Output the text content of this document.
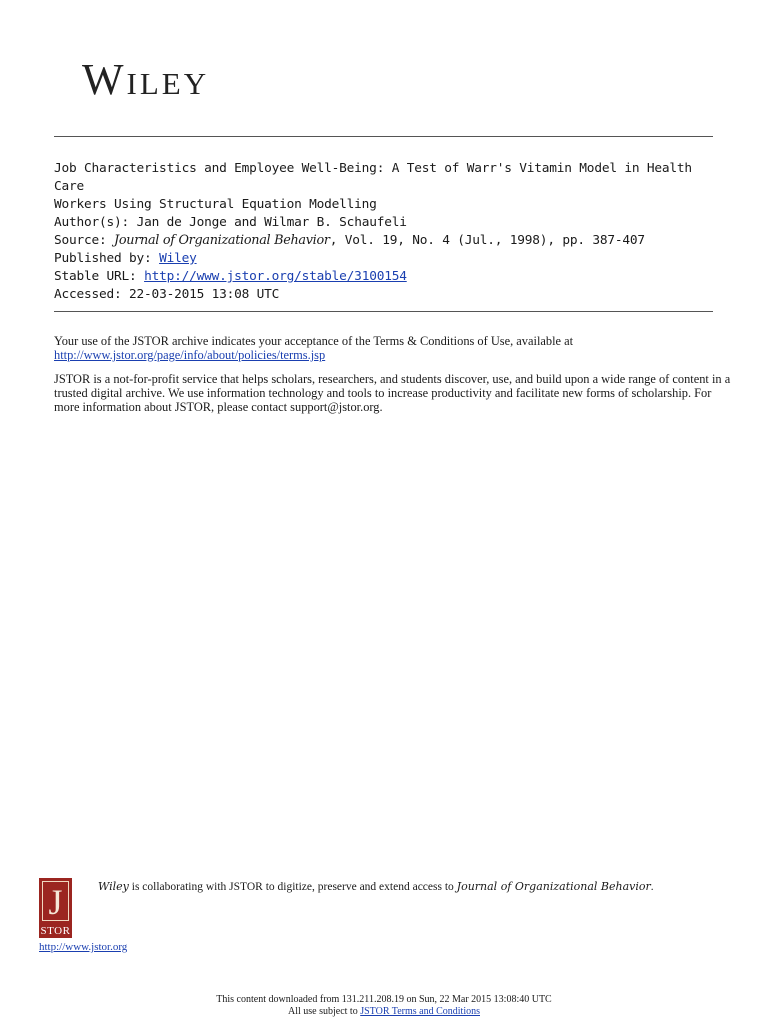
Wiley
Job Characteristics and Employee Well-Being: A Test of Warr's Vitamin Model in Health Care
Workers Using Structural Equation Modelling
Author(s): Jan de Jonge and Wilmar B. Schaufeli
Source: Journal of Organizational Behavior, Vol. 19, No. 4 (Jul., 1998), pp. 387-407
Published by: Wiley
Stable URL: http://www.jstor.org/stable/3100154
Accessed: 22-03-2015 13:08 UTC

Your use of the JSTOR archive indicates your acceptance of the Terms & Conditions of Use, available at
http://www.jstor.org/page/info/about/policies/terms.jsp

JSTOR is a not-for-profit service that helps scholars, researchers, and students discover, use, and build upon a wide range of content in a trusted digital archive. We use information technology and tools to increase productivity and facilitate new forms of scholarship. For more information about JSTOR, please contact support@jstor.org.

J
STOR
Wiley is collaborating with JSTOR to digitize, preserve and extend access to Journal of Organizational Behavior.
http://www.jstor.org
This content downloaded from 131.211.208.19 on Sun, 22 Mar 2015 13:08:40 UTC
All use subject to JSTOR Terms and Conditions
